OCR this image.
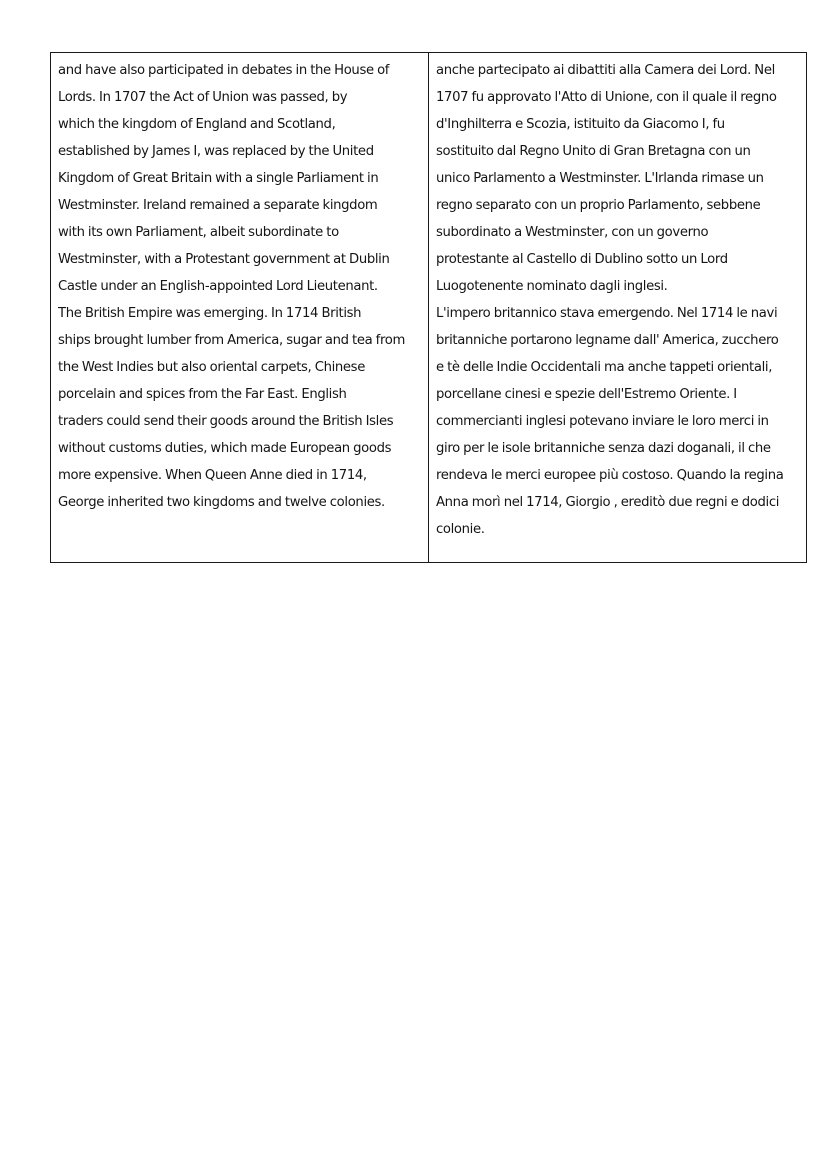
and have also participated in debates in the House of
Lords. In 1707 the Act of Union was passed, by
which the kingdom of England and Scotland,
established by James I, was replaced by the United
Kingdom of Great Britain with a single Parliament in
Westminster. Ireland remained a separate kingdom
with its own Parliament, albeit subordinate to
Westminster, with a Protestant government at Dublin
Castle under an English-appointed Lord Lieutenant.
The British Empire was emerging. In 1714 British
ships brought lumber from America, sugar and tea from
the West Indies but also oriental carpets, Chinese
porcelain and spices from the Far East. English
traders could send their goods around the British Isles
without customs duties, which made European goods
more expensive. When Queen Anne died in 1714,
George inherited two kingdoms and twelve colonies.

anche partecipato ai dibattiti alla Camera dei Lord. Nel
1707 fu approvato l'Atto di Unione, con il quale il regno
d'Inghilterra e Scozia, istituito da Giacomo I, fu
sostituito dal Regno Unito di Gran Bretagna con un
unico Parlamento a Westminster. L'Irlanda rimase un
regno separato con un proprio Parlamento, sebbene
subordinato a Westminster, con un governo
protestante al Castello di Dublino sotto un Lord
Luogotenente nominato dagli inglesi.
L'impero britannico stava emergendo. Nel 1714 le navi
britanniche portarono legname dall' America, zucchero
e tè delle Indie Occidentali ma anche tappeti orientali,
porcellane cinesi e spezie dell'Estremo Oriente. I
commercianti inglesi potevano inviare le loro merci in
giro per le isole britanniche senza dazi doganali, il che
rendeva le merci europee più costoso. Quando la regina
Anna morì nel 1714, Giorgio , ereditò due regni e dodici
colonie.
